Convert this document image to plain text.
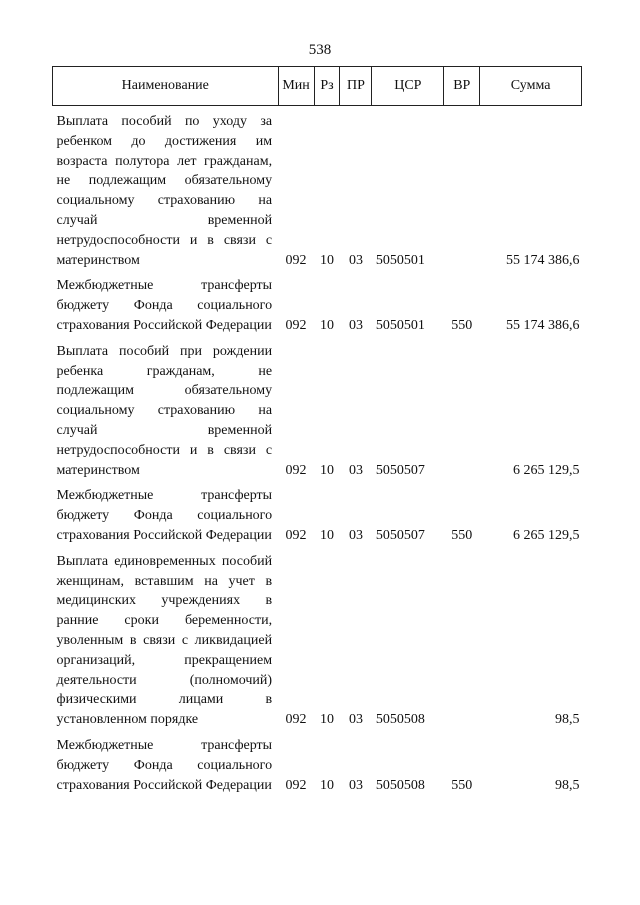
538
Наименование	Мин	Рз	ПР	ЦСР	ВР	Сумма
Выплата пособий по уходу за ребенком до достижения им возраста полутора лет гражданам, не подлежащим обязательному социальному страхованию на случай временной нетрудоспособности и в связи с материнством	092	10	03	5050501		55 174 386,6
Межбюджетные трансферты бюджету Фонда социального страхования Российской Федерации	092	10	03	5050501	550	55 174 386,6
Выплата пособий при рождении ребенка гражданам, не подлежащим обязательному социальному страхованию на случай временной нетрудоспособности и в связи с материнством	092	10	03	5050507		6 265 129,5
Межбюджетные трансферты бюджету Фонда социального страхования Российской Федерации	092	10	03	5050507	550	6 265 129,5
Выплата единовременных пособий женщинам, вставшим на учет в медицинских учреждениях в ранние сроки беременности, уволенным в связи с ликвидацией организаций, прекращением деятельности (полномочий) физическими лицами в установленном порядке	092	10	03	5050508		98,5
Межбюджетные трансферты бюджету Фонда социального страхования Российской Федерации	092	10	03	5050508	550	98,5
